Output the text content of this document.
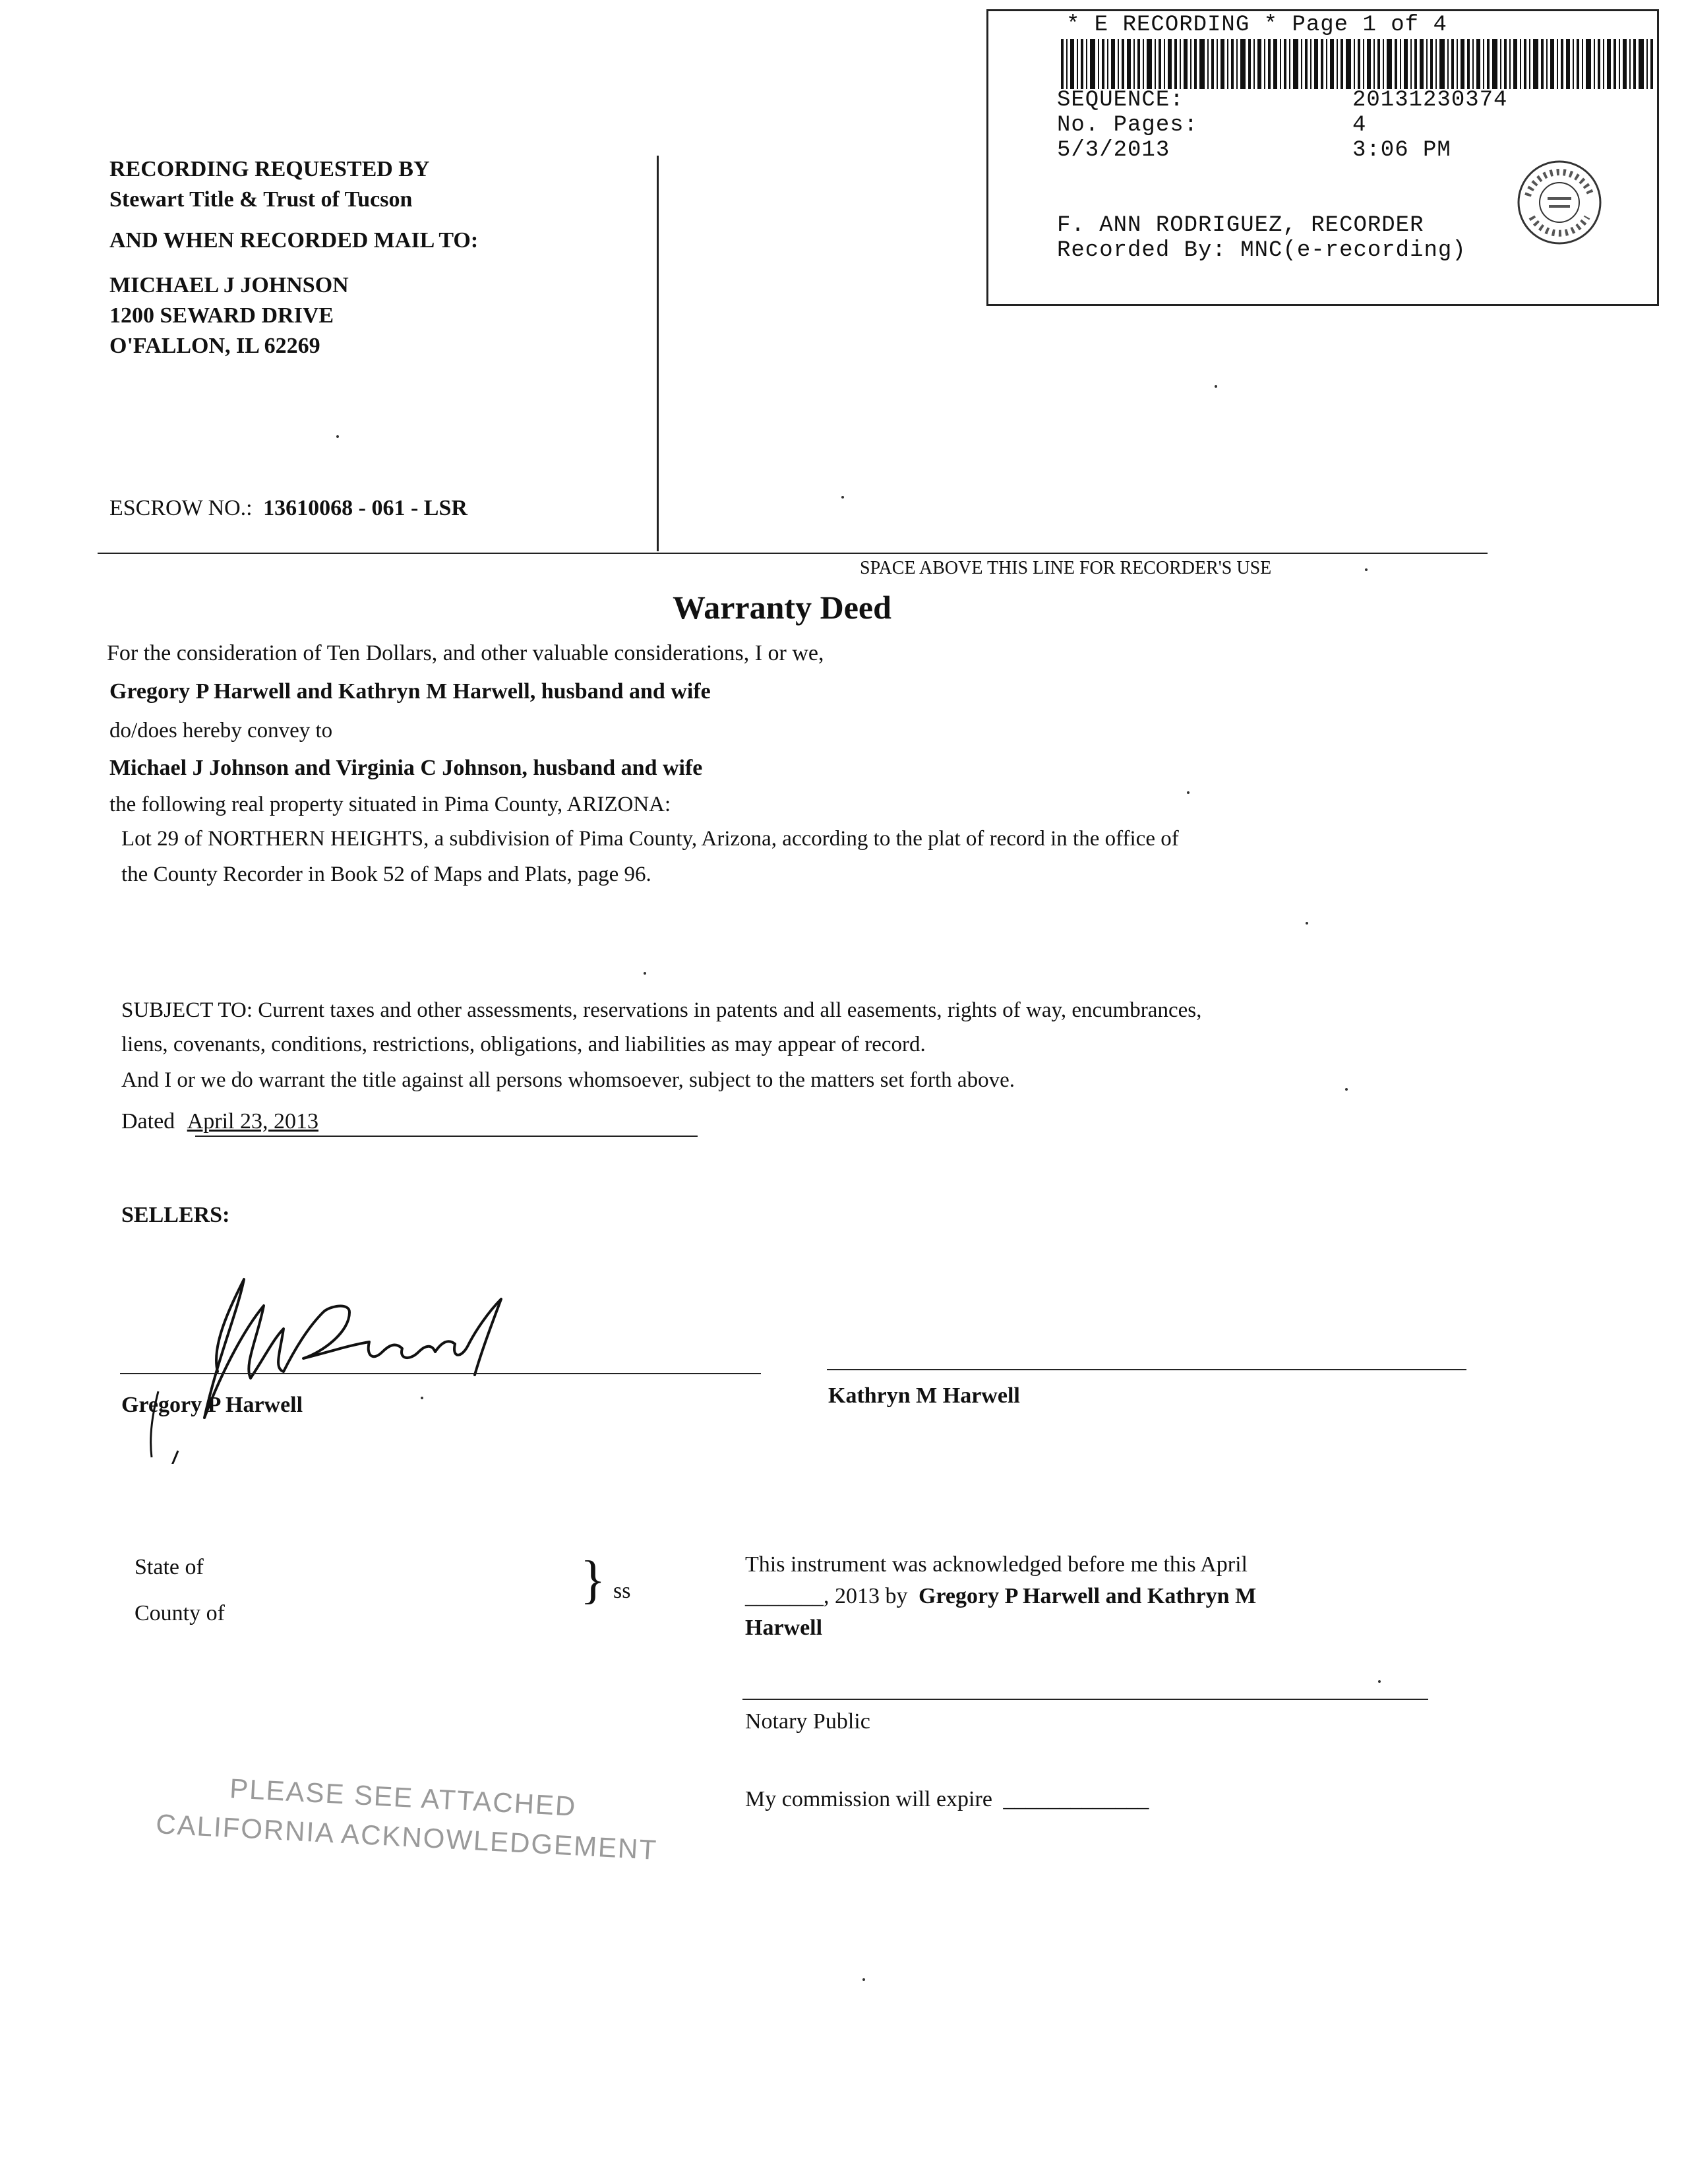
* E RECORDING * Page 1 of 4
SEQUENCE:	20131230374
No. Pages:	4
5/3/2013	3:06 PM
F. ANN RODRIGUEZ, RECORDER
Recorded By: MNC(e-recording)
RECORDING REQUESTED BY
Stewart Title & Trust of Tucson
AND WHEN RECORDED MAIL TO:
MICHAEL J JOHNSON
1200 SEWARD DRIVE
O'FALLON, IL 62269
ESCROW NO.: 13610068 - 061 - LSR
SPACE ABOVE THIS LINE FOR RECORDER'S USE
Warranty Deed
For the consideration of Ten Dollars, and other valuable considerations, I or we,
Gregory P Harwell and Kathryn M Harwell, husband and wife
do/does hereby convey to
Michael J Johnson and Virginia C Johnson, husband and wife
the following real property situated in Pima County, ARIZONA:
Lot 29 of NORTHERN HEIGHTS, a subdivision of Pima County, Arizona, according to the plat of record in the office of
the County Recorder in Book 52 of Maps and Plats, page 96.
SUBJECT TO: Current taxes and other assessments, reservations in patents and all easements, rights of way, encumbrances,
liens, covenants, conditions, restrictions, obligations, and liabilities as may appear of record.
And I or we do warrant the title against all persons whomsoever, subject to the matters set forth above.
Dated April 23, 2013
SELLERS:
Gregory P Harwell	Kathryn M Harwell
State of
County of
} ss
This instrument was acknowledged before me this April
_______, 2013 by Gregory P Harwell and Kathryn M
Harwell
Notary Public
My commission will expire _____________
PLEASE SEE ATTACHED
CALIFORNIA ACKNOWLEDGEMENT
